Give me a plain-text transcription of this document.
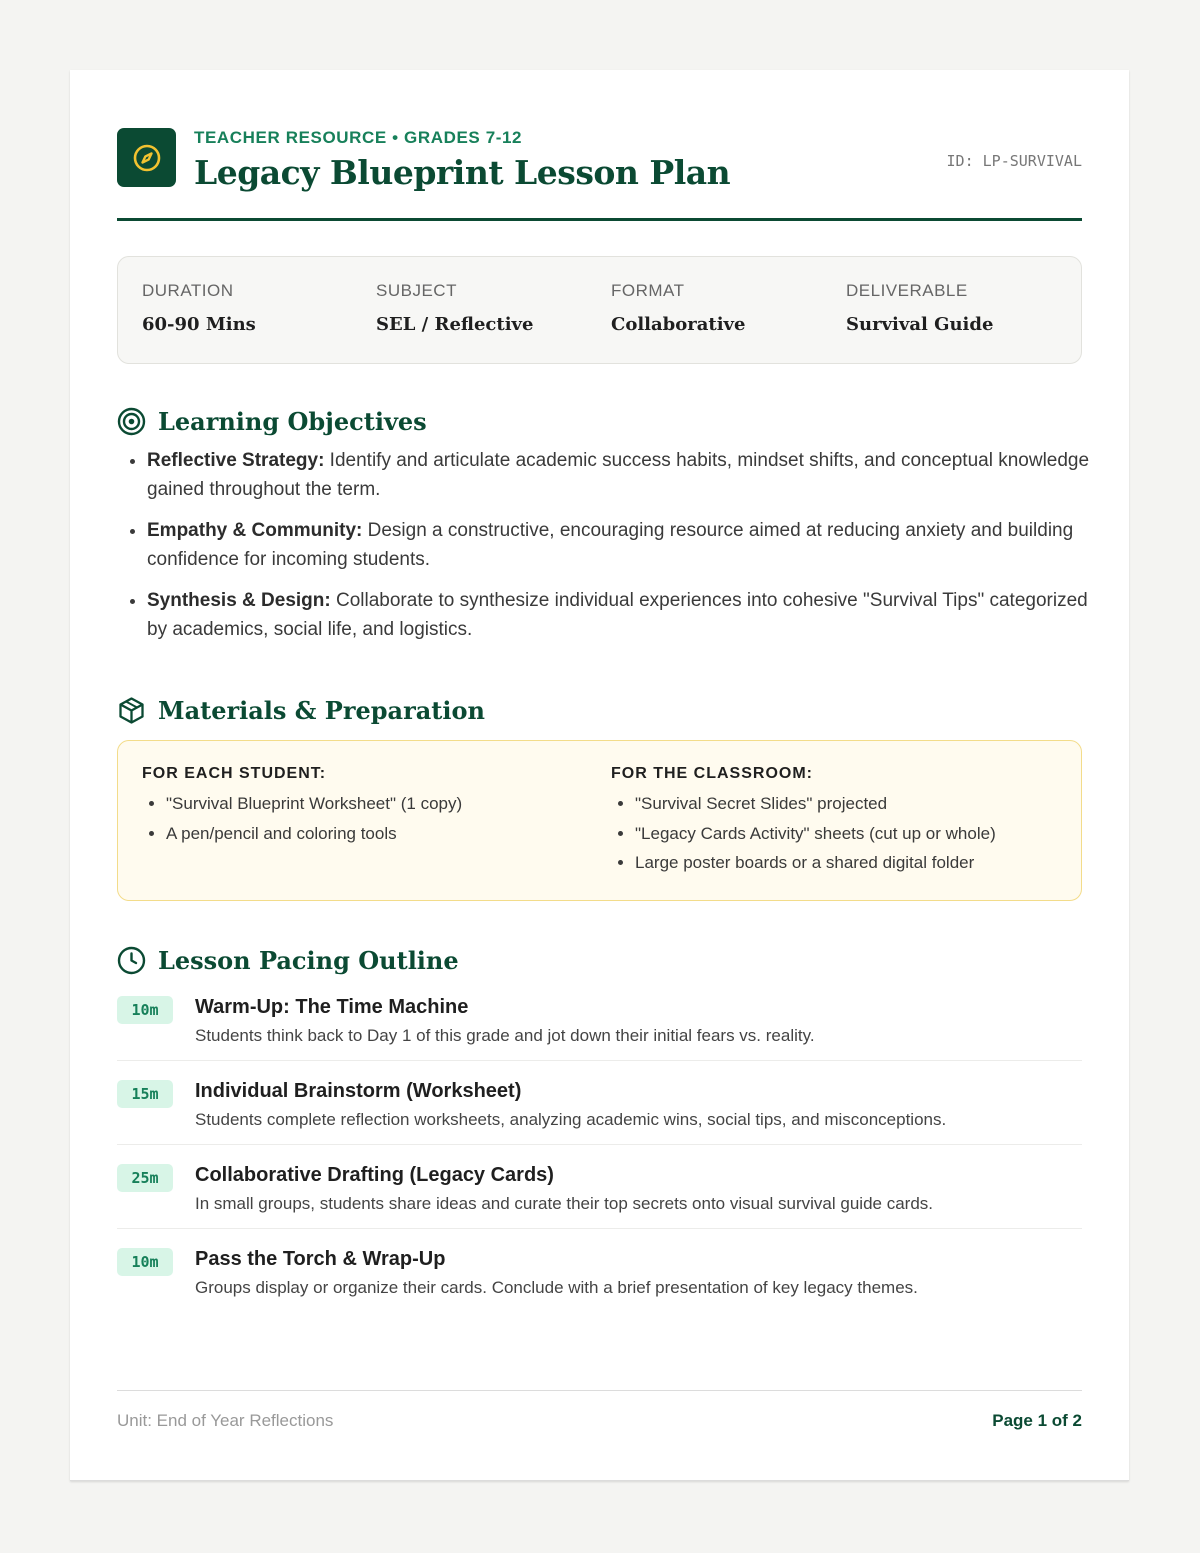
TEACHER RESOURCE • GRADES 7-12
Legacy Blueprint Lesson Plan	ID: LP-SURVIVAL
DURATION
60-90 Mins
SUBJECT
SEL / Reflective
FORMAT
Collaborative
DELIVERABLE
Survival Guide
Learning Objectives
• Reflective Strategy: Identify and articulate academic success habits, mindset shifts, and conceptual knowledge gained throughout the term.
• Empathy & Community: Design a constructive, encouraging resource aimed at reducing anxiety and building confidence for incoming students.
• Synthesis & Design: Collaborate to synthesize individual experiences into cohesive "Survival Tips" categorized by academics, social life, and logistics.
Materials & Preparation
FOR EACH STUDENT:
• "Survival Blueprint Worksheet" (1 copy)
• A pen/pencil and coloring tools
FOR THE CLASSROOM:
• "Survival Secret Slides" projected
• "Legacy Cards Activity" sheets (cut up or whole)
• Large poster boards or a shared digital folder
Lesson Pacing Outline
10m	Warm-Up: The Time Machine
Students think back to Day 1 of this grade and jot down their initial fears vs. reality.
15m	Individual Brainstorm (Worksheet)
Students complete reflection worksheets, analyzing academic wins, social tips, and misconceptions.
25m	Collaborative Drafting (Legacy Cards)
In small groups, students share ideas and curate their top secrets onto visual survival guide cards.
10m	Pass the Torch & Wrap-Up
Groups display or organize their cards. Conclude with a brief presentation of key legacy themes.
Unit: End of Year Reflections	Page 1 of 2
